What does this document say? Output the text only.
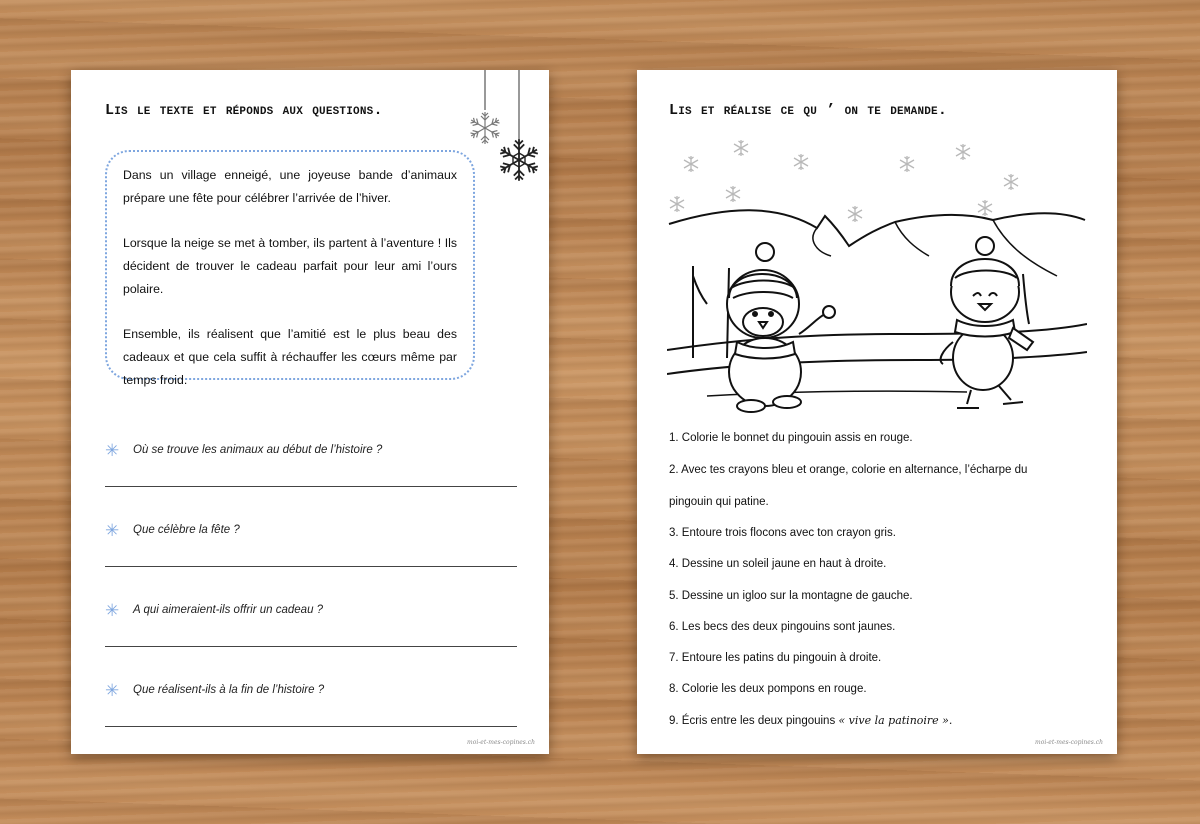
Lis le texte et réponds aux questions.

Dans un village enneigé, une joyeuse bande d’animaux prépare une fête pour célébrer l’arrivée de l’hiver.

Lorsque la neige se met à tomber, ils partent à l’aventure ! Ils décident de trouver le cadeau parfait pour leur ami l’ours polaire.

Ensemble, ils réalisent que l’amitié est le plus beau des cadeaux et que cela suffit à réchauffer les cœurs même par temps froid.

✳ Où se trouve les animaux au début de l’histoire ?
✳ Que célèbre la fête ?
✳ A qui aimeraient-ils offrir un cadeau ?
✳ Que réalisent-ils à la fin de l’histoire ?
moi-et-mes-copines.ch
Lis et réalise ce qu ’ on te demande.
1. Colorie le bonnet du pingouin assis en rouge.
2. Avec tes crayons bleu et orange, colorie en alternance, l’écharpe du
pingouin qui patine.
3. Entoure trois flocons avec ton crayon gris.
4. Dessine un soleil jaune en haut à droite.
5. Dessine un igloo sur la montagne de gauche.
6. Les becs des deux pingouins sont jaunes.
7. Entoure les patins du pingouin à droite.
8. Colorie les deux pompons en rouge.
9. Écris entre les deux pingouins « vive la patinoire ».
moi-et-mes-copines.ch
